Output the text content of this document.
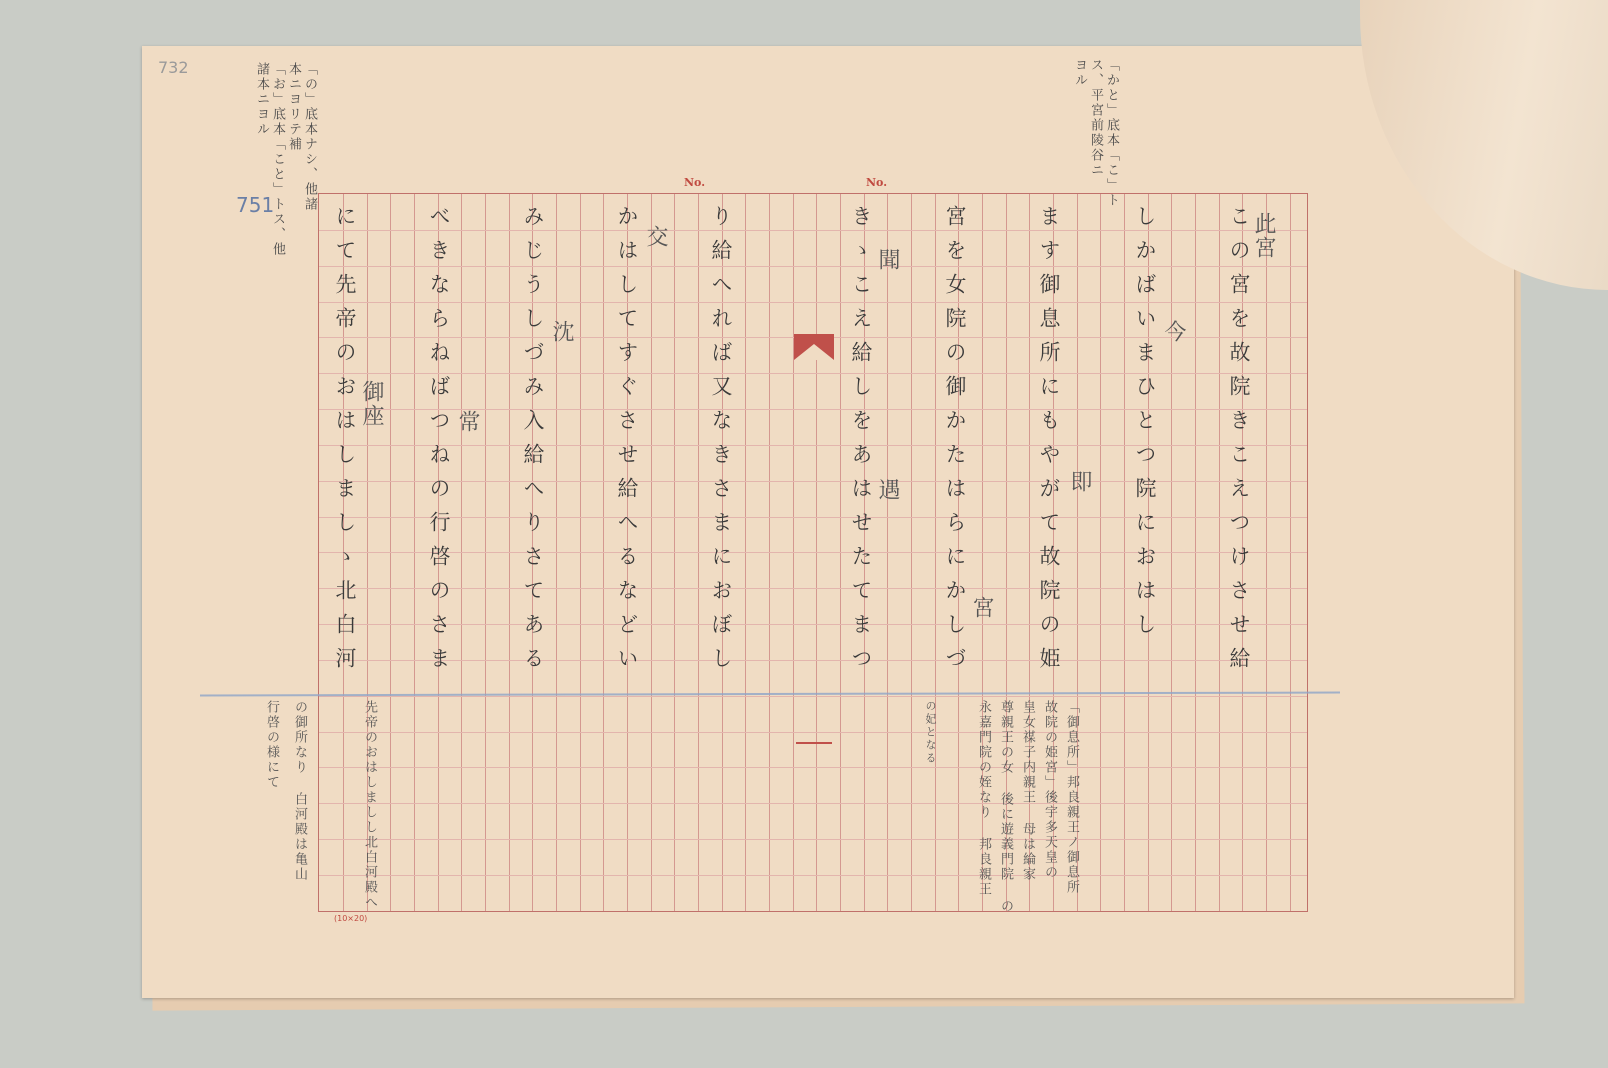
732
751 「の」底本ナシ、他諸
本ニヨリテ補
「お」底本「こと」トス、他
諸本ニヨル	「かと」底本「こ」ト
ス、平宮前陵谷ニ
ヨル
No.	No.
この宮を故院きこえつけさせ給
しかばいまひとつ院におはし
ます御息所にもやがて故院の姫
宮を女院の御かたはらにかしづ
きゝこえ給しをあはせたてまつ
り給へれば又なきさまにおぼし
かはしてすぐさせ給へるなどい
みじうしづみ入給へりさてある
べきならねばつねの行啓のさま
にて先帝のおはしましゝ北白河	此宮
今
即
宮
聞
遇
交
沈
常
御座
「御息所」邦良親王ノ御息所
故院の姫宮」後宇多天皇の
皇女禖子内親王 母は綸家
尊親王の女 後に遊義門院 の
永嘉門院の姪なり 邦良親王
の妃となる
先帝のおはしましし北白河殿へ
の御所なり 白河殿は亀山
行啓の様にて
(10×20)
